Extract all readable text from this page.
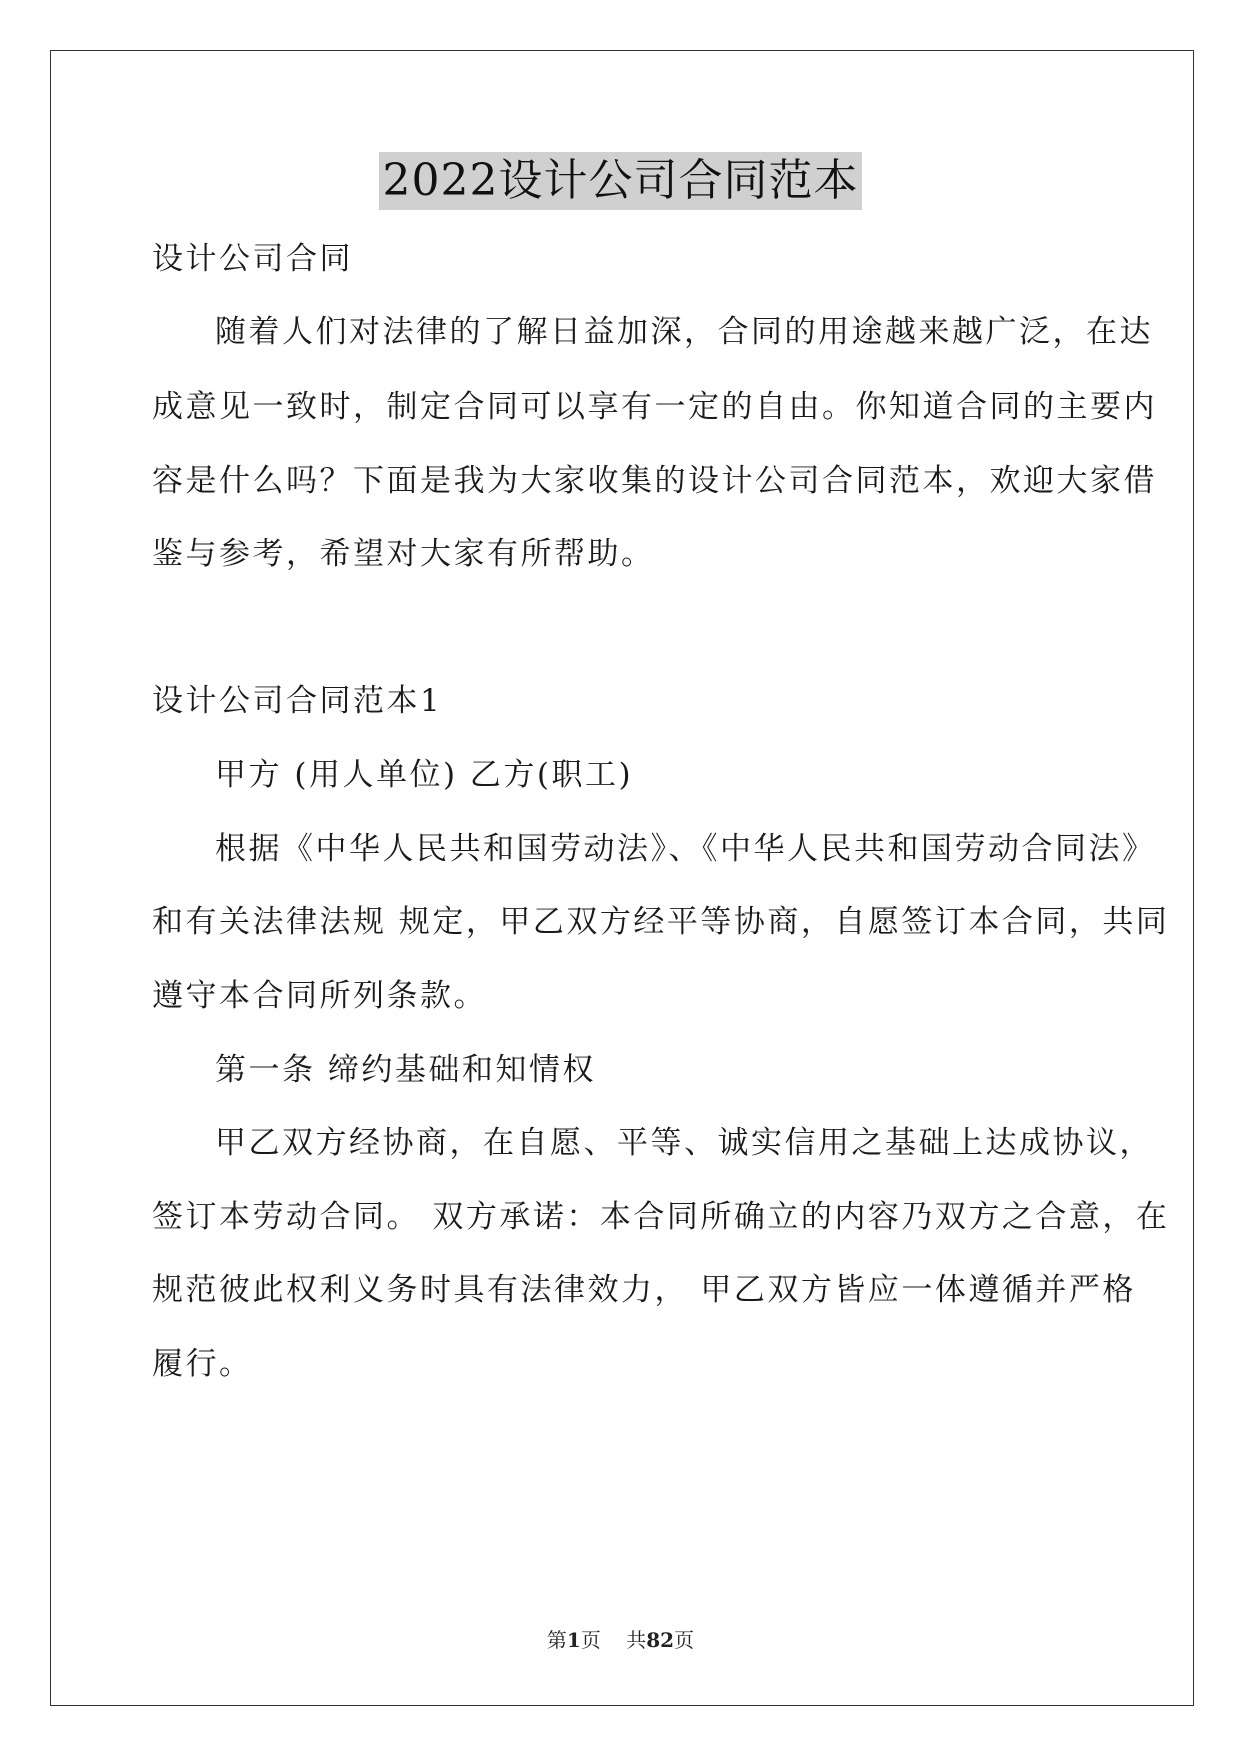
2022设计公司合同范本
设计公司合同
随着人们对法律的了解日益加深，合同的用途越来越广泛，在达
成意见一致时，制定合同可以享有一定的自由。你知道合同的主要内
容是什么吗？下面是我为大家收集的设计公司合同范本，欢迎大家借
鉴与参考，希望对大家有所帮助。
设计公司合同范本1
甲方 (用人单位) 乙方(职工)
根据《中华人民共和国劳动法》、《中华人民共和国劳动合同法》
和有关法律法规 规定，甲乙双方经平等协商，自愿签订本合同，共同
遵守本合同所列条款。
第一条 缔约基础和知情权
甲乙双方经协商，在自愿、平等、诚实信用之基础上达成协议，
签订本劳动合同。 双方承诺：本合同所确立的内容乃双方之合意，在
规范彼此权利义务时具有法律效力， 甲乙双方皆应一体遵循并严格
履行。
第1页 共82页
